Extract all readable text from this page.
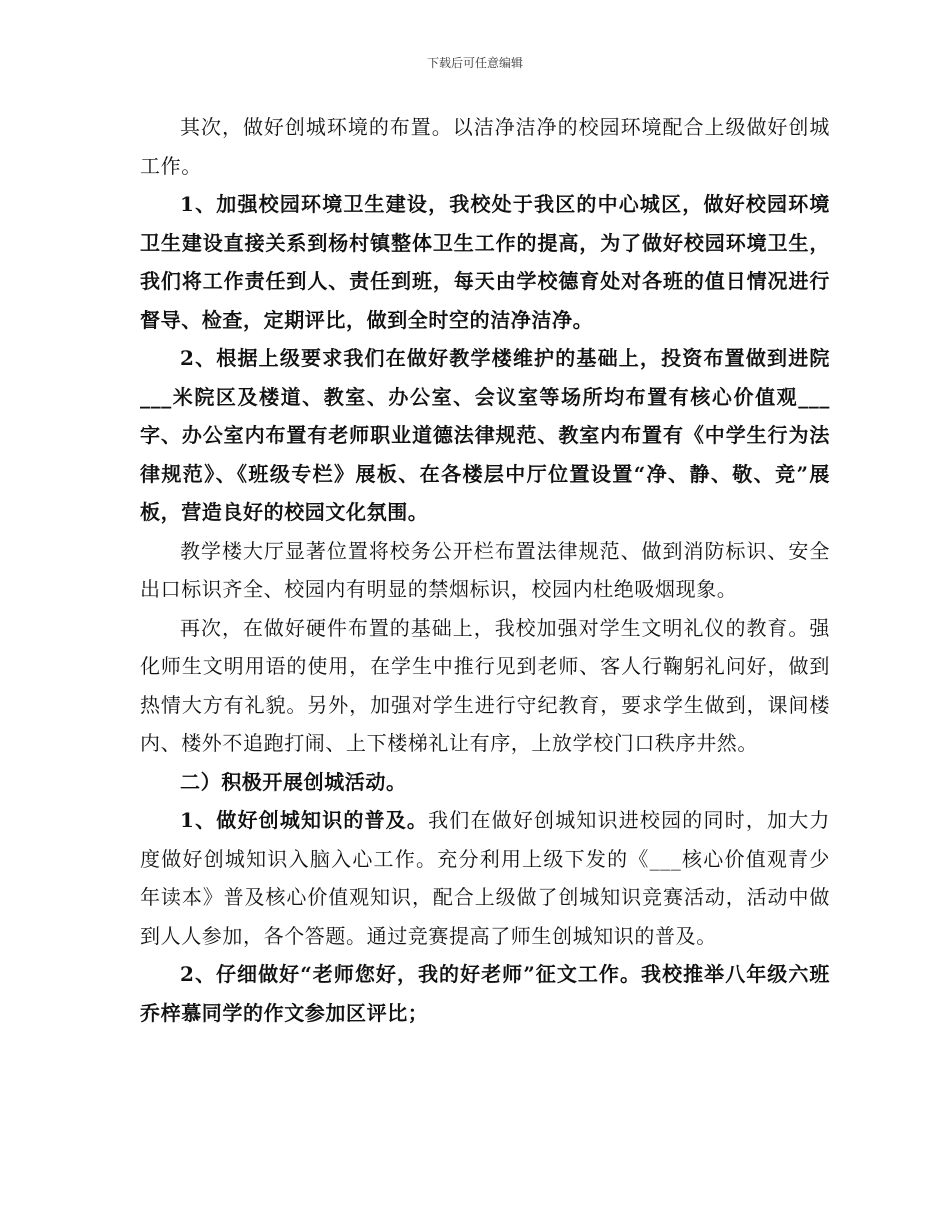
下载后可任意编辑

其次，做好创城环境的布置。以洁净洁净的校园环境配合上级做好创城工作。

1、加强校园环境卫生建设，我校处于我区的中心城区，做好校园环境卫生建设直接关系到杨村镇整体卫生工作的提高，为了做好校园环境卫生，我们将工作责任到人、责任到班，每天由学校德育处对各班的值日情况进行督导、检查，定期评比，做到全时空的洁净洁净。

2、根据上级要求我们在做好教学楼维护的基础上，投资布置做到进院___米院区及楼道、教室、办公室、会议室等场所均布置有核心价值观___字、办公室内布置有老师职业道德法律规范、教室内布置有《中学生行为法律规范》、《班级专栏》展板、在各楼层中厅位置设置“净、静、敬、竞”展板，营造良好的校园文化氛围。

教学楼大厅显著位置将校务公开栏布置法律规范、做到消防标识、安全出口标识齐全、校园内有明显的禁烟标识，校园内杜绝吸烟现象。

再次，在做好硬件布置的基础上，我校加强对学生文明礼仪的教育。强化师生文明用语的使用，在学生中推行见到老师、客人行鞠躬礼问好，做到热情大方有礼貌。另外，加强对学生进行守纪教育，要求学生做到，课间楼内、楼外不追跑打闹、上下楼梯礼让有序，上放学校门口秩序井然。

二）积极开展创城活动。

1、做好创城知识的普及。我们在做好创城知识进校园的同时，加大力度做好创城知识入脑入心工作。充分利用上级下发的《___核心价值观青少年读本》普及核心价值观知识，配合上级做了创城知识竞赛活动，活动中做到人人参加，各个答题。通过竞赛提高了师生创城知识的普及。

2、仔细做好“老师您好，我的好老师”征文工作。我校推举八年级六班乔梓慕同学的作文参加区评比；
